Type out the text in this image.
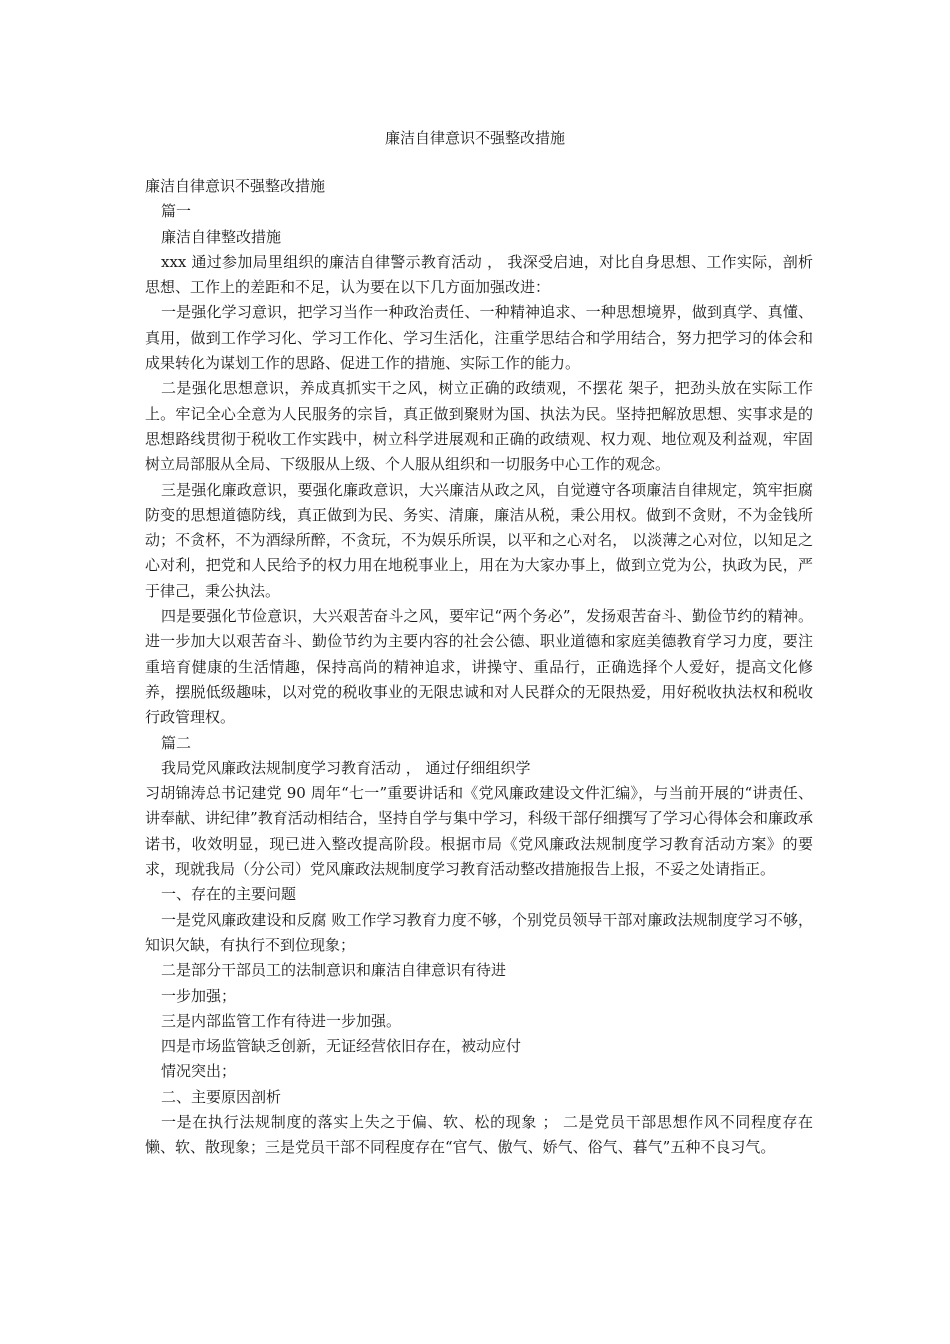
廉洁自律意识不强整改措施

廉洁自律意识不强整改措施

篇一

廉洁自律整改措施

xxx 通过参加局里组织的廉洁自律警示教育活动 ， 我深受启迪，对比自身思想、工作实际，剖析思想、工作上的差距和不足，认为要在以下几方面加强改进：

一是强化学习意识，把学习当作一种政治责任、一种精神追求、一种思想境界，做到真学、真懂、真用，做到工作学习化、学习工作化、学习生活化，注重学思结合和学用结合，努力把学习的体会和成果转化为谋划工作的思路、促进工作的措施、实际工作的能力。

二是强化思想意识，养成真抓实干之风，树立正确的政绩观，不摆花 架子，把劲头放在实际工作上。牢记全心全意为人民服务的宗旨，真正做到聚财为国、执法为民。坚持把解放思想、实事求是的思想路线贯彻于税收工作实践中，树立科学进展观和正确的政绩观、权力观、地位观及利益观，牢固树立局部服从全局、下级服从上级、个人服从组织和一切服务中心工作的观念。

三是强化廉政意识，要强化廉政意识，大兴廉洁从政之风，自觉遵守各项廉洁自律规定，筑牢拒腐防变的思想道德防线，真正做到为民、务实、清廉，廉洁从税，秉公用权。做到不贪财，不为金钱所动；不贪杯，不为酒绿所醉，不贪玩，不为娱乐所误，以平和之心对名， 以淡薄之心对位，以知足之心对利，把党和人民给予的权力用在地税事业上，用在为大家办事上，做到立党为公，执政为民，严于律己，秉公执法。

四是要强化节俭意识，大兴艰苦奋斗之风，要牢记“两个务必”，发扬艰苦奋斗、勤俭节约的精神。进一步加大以艰苦奋斗、勤俭节约为主要内容的社会公德、职业道德和家庭美德教育学习力度，要注重培育健康的生活情趣，保持高尚的精神追求，讲操守、重品行，正确选择个人爱好，提高文化修养，摆脱低级趣味，以对党的税收事业的无限忠诚和对人民群众的无限热爱，用好税收执法权和税收行政管理权。

篇二

我局党风廉政法规制度学习教育活动 ， 通过仔细组织学

习胡锦涛总书记建党 90 周年“七一”重要讲话和《党风廉政建设文件汇编》，与当前开展的“讲责任、讲奉献、讲纪律”教育活动相结合，坚持自学与集中学习，科级干部仔细撰写了学习心得体会和廉政承诺书，收效明显，现已进入整改提高阶段。根据市局《党风廉政法规制度学习教育活动方案》的要求，现就我局（分公司）党风廉政法规制度学习教育活动整改措施报告上报，不妥之处请指正。

一、存在的主要问题

一是党风廉政建设和反腐 败工作学习教育力度不够，个别党员领导干部对廉政法规制度学习不够，知识欠缺，有执行不到位现象；

二是部分干部员工的法制意识和廉洁自律意识有待进

一步加强；

三是内部监管工作有待进一步加强。

四是市场监管缺乏创新，无证经营依旧存在，被动应付

情况突出；

二、主要原因剖析

一是在执行法规制度的落实上失之于偏、软、松的现象 ； 二是党员干部思想作风不同程度存在懒、软、散现象；三是党员干部不同程度存在“官气、傲气、娇气、俗气、暮气”五种不良习气。
